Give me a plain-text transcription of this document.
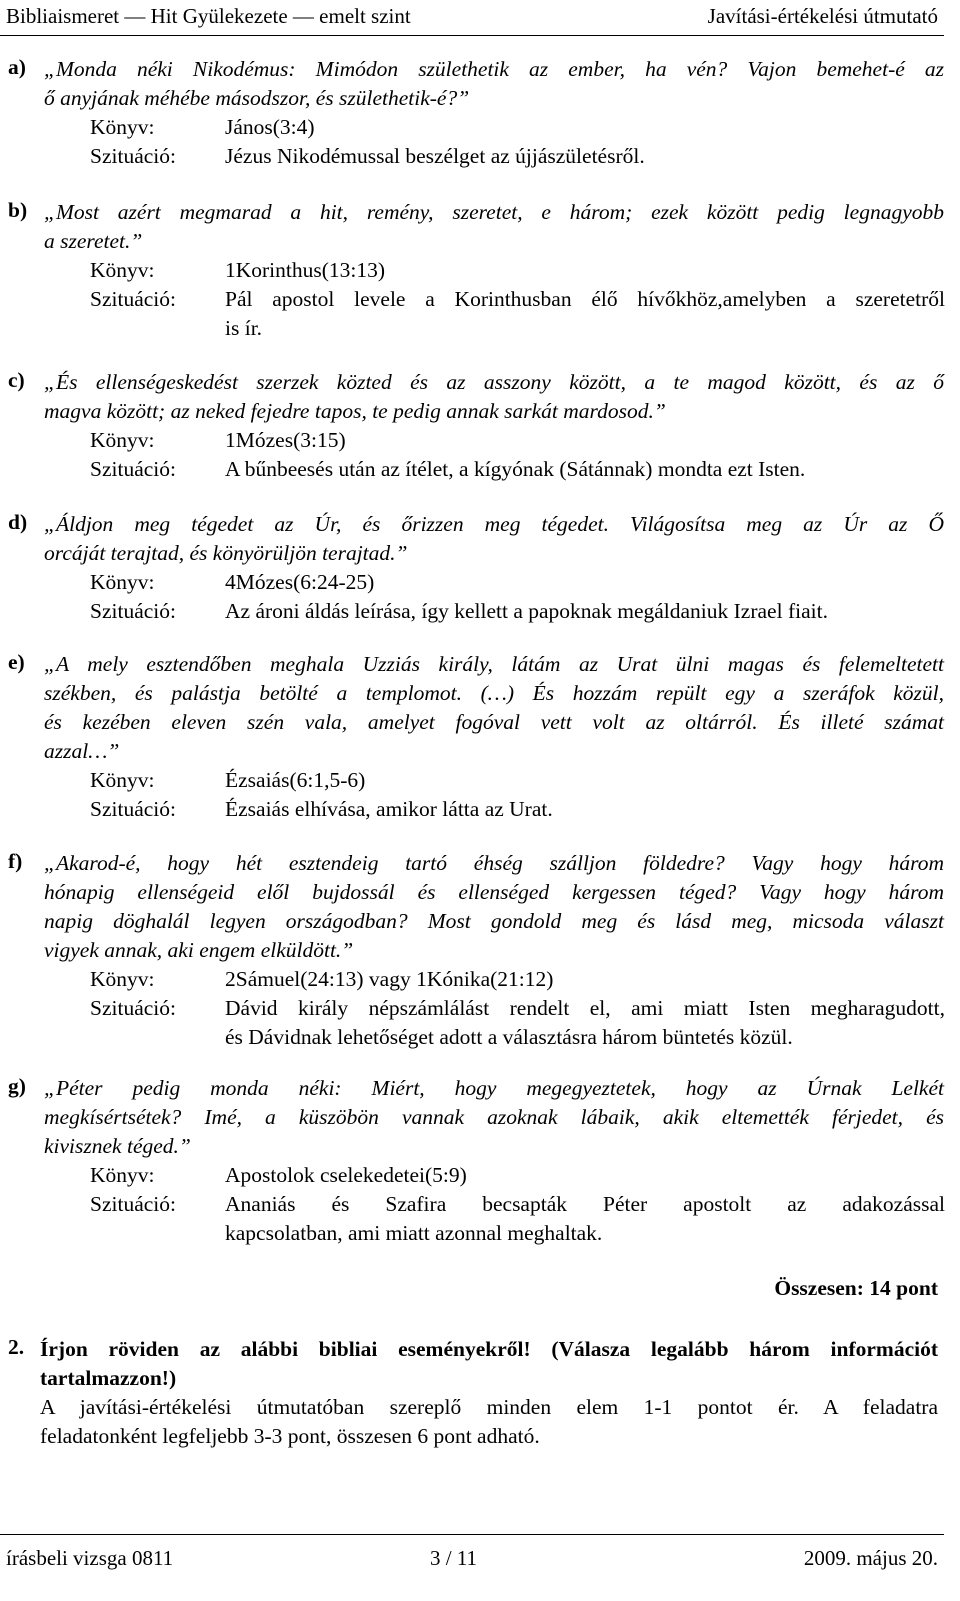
Bibliaismeret — Hit Gyülekezete — emelt szint	Javítási-értékelési útmutató
a) „Monda néki Nikodémus: Mimódon születhetik az ember, ha vén? Vajon bemehet-é az
ő anyjának méhébe másodszor, és születhetik-é?”
Könyv:	János(3:4)
Szituáció: Jézus Nikodémussal beszélget az újjászületésről.
b) „Most azért megmarad a hit, remény, szeretet, e három; ezek között pedig legnagyobb
a szeretet.”
Könyv:	1Korinthus(13:13)
Szituáció: Pál apostol levele a Korinthusban élő hívőkhöz,amelyben a szeretetről
is ír.
c) „És ellenségeskedést szerzek közted és az asszony között, a te magod között, és az ő
magva között; az neked fejedre tapos, te pedig annak sarkát mardosod.”
Könyv:	1Mózes(3:15)
Szituáció: A bűnbeesés után az ítélet, a kígyónak (Sátánnak) mondta ezt Isten.
d) „Áldjon meg tégedet az Úr, és őrizzen meg tégedet. Világosítsa meg az Úr az Ő
orcáját terajtad, és könyörüljön terajtad.”
Könyv:	4Mózes(6:24-25)
Szituáció: Az ároni áldás leírása, így kellett a papoknak megáldaniuk Izrael fiait.
e) „A mely esztendőben meghala Uzziás király, látám az Urat ülni magas és felemeltetett
székben, és palástja betölté a templomot. (…) És hozzám repült egy a szeráfok közül,
és kezében eleven szén vala, amelyet fogóval vett volt az oltárról. És illeté számat
azzal…”
Könyv:	Ézsaiás(6:1,5-6)
Szituáció: Ézsaiás elhívása, amikor látta az Urat.
f) „Akarod-é, hogy hét esztendeig tartó éhség szálljon földedre? Vagy hogy három
hónapig ellenségeid elől bujdossál és ellenséged kergessen téged? Vagy hogy három
napig döghalál legyen országodban? Most gondold meg és lásd meg, micsoda választ
vigyek annak, aki engem elküldött.”
Könyv:	2Sámuel(24:13) vagy 1Kónika(21:12)
Szituáció: Dávid király népszámlálást rendelt el, ami miatt Isten megharagudott,
és Dávidnak lehetőséget adott a választásra három büntetés közül.
g) „Péter pedig monda néki: Miért, hogy megegyeztetek, hogy az Úrnak Lelkét
megkísértsétek? Imé, a küszöbön vannak azoknak lábaik, akik eltemették férjedet, és
kivisznek téged.”
Könyv:	Apostolok cselekedetei(5:9)
Szituáció: Ananiás és Szafira becsapták Péter apostolt az adakozással
kapcsolatban, ami miatt azonnal meghaltak.
Összesen: 14 pont
2. Írjon röviden az alábbi bibliai eseményekről! (Válasza legalább három információt
tartalmazzon!)
A javítási-értékelési útmutatóban szereplő minden elem 1-1 pontot ér. A feladatra
feladatonként legfeljebb 3-3 pont, összesen 6 pont adható.
írásbeli vizsga 0811	3 / 11	2009. május 20.
